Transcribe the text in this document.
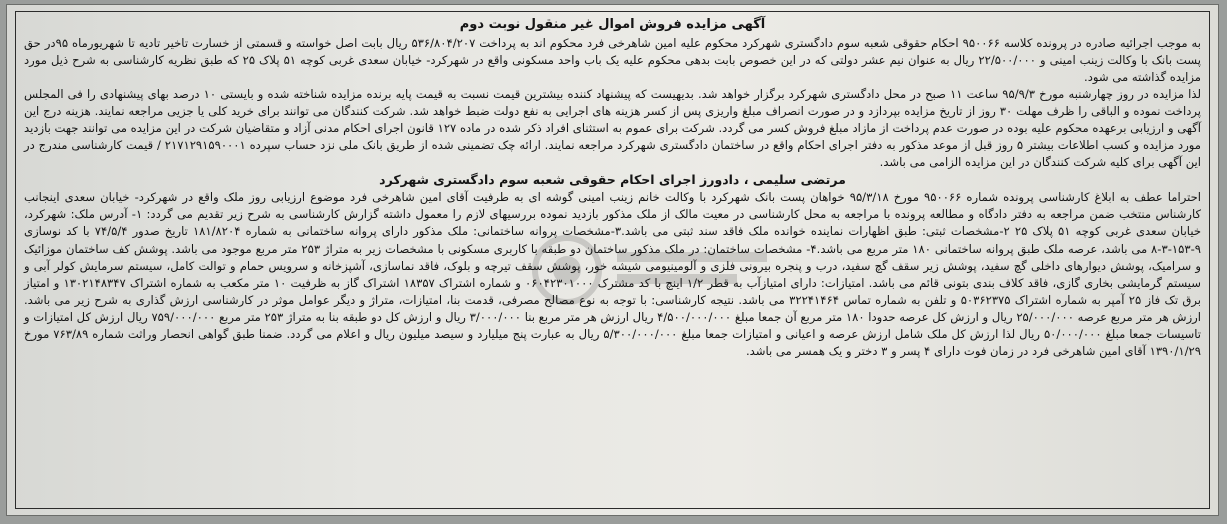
آگهی مزایده فروش اموال غیر منقول نوبت دوم

به موجب اجرائیه صادره در پرونده کلاسه ۹۵۰۰۶۶ احکام حقوقی شعبه سوم دادگستری شهرکرد محکوم علیه امین شاهرخی فرد محکوم اند به پرداخت ۵۳۶/۸۰۴/۲۰۷ ریال بابت اصل خواسته و قسمتی از خسارت تاخیر تادیه تا شهریورماه ۹۵در حق پست بانک با وکالت زینب امینی و ۲۲/۵۰۰/۰۰۰ ریال به عنوان نیم عشر دولتی که در این خصوص بابت بدهی محکوم علیه یک باب واحد مسکونی واقع در شهرکرد- خیابان سعدی غربی کوچه ۵۱ پلاک ۲۵ که طبق نظریه کارشناسی به شرح ذیل مورد مزایده گذاشته می شود.

لذا مزایده در روز چهارشنبه مورخ ۹۵/۹/۳ ساعت ۱۱ صبح در محل دادگستری شهرکرد برگزار خواهد شد. بدیهیست که پیشنهاد کننده بیشترین قیمت نسبت به قیمت پایه برنده مزایده شناخته شده و بایستی ۱۰ درصد بهای پیشنهادی را فی المجلس پرداخت نموده و الباقی را ظرف مهلت ۳۰ روز از تاریخ مزایده بپردازد و در صورت انصراف مبلغ واریزی پس از کسر هزینه های اجرایی به نفع دولت ضبط خواهد شد. شرکت کنندگان می توانند برای خرید کلی یا جزیی مراجعه نمایند. هزینه درج این آگهی و ارزیابی برعهده محکوم علیه بوده در صورت عدم پرداخت از مازاد مبلغ فروش کسر می گردد. شرکت برای عموم به استثنای افراد ذکر شده در ماده ۱۲۷ قانون اجرای احکام مدنی آزاد و متقاضیان شرکت در این مزایده می توانند جهت بازدید مورد مزایده و کسب اطلاعات بیشتر ۵ روز قبل از موعد مذکور به دفتر اجرای احکام واقع در ساختمان دادگستری شهرکرد مراجعه نمایند. ارائه چک تضمینی شده از طریق بانک ملی نزد حساب سپرده ۲۱۷۱۲۹۱۵۹۰۰۰۱ / قیمت کارشناسی مندرج در این آگهی برای کلیه شرکت کنندگان در این مزایده الزامی می باشد.

مرتضی سلیمی ، دادورز اجرای احکام حقوقی شعبه سوم دادگستری شهرکرد

احتراما عطف به ابلاغ کارشناسی پرونده شماره ۹۵۰۰۶۶ مورخ ۹۵/۳/۱۸ خواهان پست بانک شهرکرد با وکالت خانم زینب امینی گوشه ای به طرفیت آقای امین شاهرخی فرد موضوع ارزیابی روز ملک واقع در شهرکرد- خیابان سعدی اینجانب کارشناس منتخب ضمن مراجعه به دفتر دادگاه و مطالعه پرونده با مراجعه به محل کارشناسی در معیت مالک از ملک مذکور بازدید نموده بررسیهای لازم را معمول داشته گزارش کارشناسی به شرح زیر تقدیم می گردد: ۱- آدرس ملک: شهرکرد، خیابان سعدی غربی کوچه ۵۱ پلاک ۲۵ ۲-مشخصات ثبتی: طبق اظهارات نماینده خوانده ملک فاقد سند ثبتی می باشد.۳-مشخصات پروانه ساختمانی: ملک مذکور دارای پروانه ساختمانی به شماره ۱۸۱/۸۲۰۴ تاریخ صدور ۷۴/۵/۴ با کد نوسازی ۹-۱۵۳-۳-۸ می باشد، عرصه ملک طبق پروانه ساختمانی ۱۸۰ متر مربع می باشد.۴- مشخصات ساختمان: در ملک مذکور ساختمان دو طبقه با کاربری مسکونی با مشخصات زیر به متراژ ۲۵۳ متر مربع موجود می باشد. پوشش کف ساختمان موزائیک و سرامیک، پوشش دیوارهای داخلی گچ سفید، پوشش زیر سقف گچ سفید، درب و پنجره بیرونی فلزی و آلومینیومی شیشه خور، پوشش سقف تیرچه و بلوک، فاقد نماسازی، آشپزخانه و سرویس حمام و توالت کامل، سیستم سرمایش کولر آبی و سیستم گرمایشی بخاری گازی، فاقد کلاف بندی بتونی قائم می باشد. امتیازات: دارای امتیازآب به قطر ۱/۲ اینچ با کد مشترک ۰۶۰۴۲۳۰۱۰۰۰ و شماره اشتراک ۱۸۳۵۷ اشتراک گاز به ظرفیت ۱۰ متر مکعب به شماره اشتراک ۱۳۰۲۱۴۸۳۴۷ و امتیاز برق تک فاز ۲۵ آمپر به شماره اشتراک ۵۰۳۶۲۳۷۵ و تلفن به شماره تماس ۳۲۲۴۱۴۶۴ می باشد. نتیجه کارشناسی: با توجه به نوع مصالح مصرفی، قدمت بنا، امتیازات، متراژ و دیگر عوامل موثر در کارشناسی ارزش گذاری به شرح زیر می باشد. ارزش هر متر مربع عرصه ۲۵/۰۰۰/۰۰۰ ریال و ارزش کل عرصه حدودا ۱۸۰ متر مربع آن جمعا مبلغ ۴/۵۰۰/۰۰۰/۰۰۰ ریال ارزش هر متر مربع بنا ۳/۰۰۰/۰۰۰ ریال و ارزش کل دو طبقه بنا به متراژ ۲۵۳ متر مربع ۷۵۹/۰۰۰/۰۰۰ ریال ارزش کل امتیازات و تاسیسات جمعا مبلغ ۵۰/۰۰۰/۰۰۰ ریال لذا ارزش کل ملک شامل ارزش عرصه و اعیانی و امتیازات جمعا مبلغ ۵/۳۰۰/۰۰۰/۰۰۰ ریال به عبارت پنج میلیارد و سیصد میلیون ریال و اعلام می گردد. ضمنا طبق گواهی انحصار وراثت شماره ۷۶۳/۸۹ مورخ ۱۳۹۰/۱/۲۹ آقای امین شاهرخی فرد در زمان فوت دارای ۴ پسر و ۳ دختر و یک همسر می باشد.
